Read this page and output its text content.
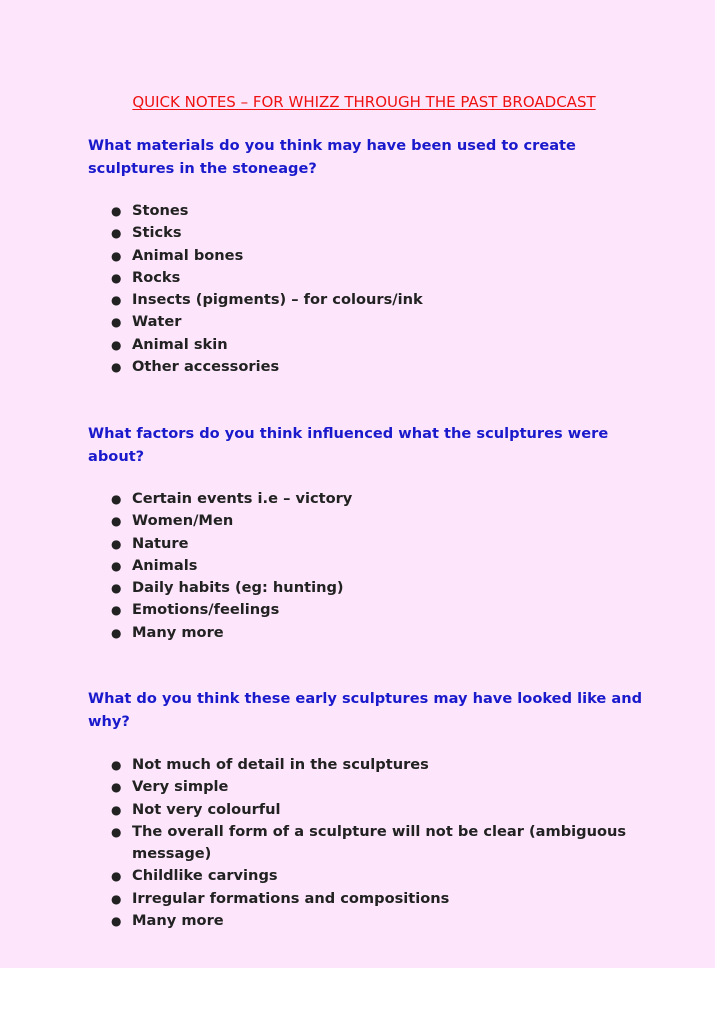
QUICK NOTES – FOR WHIZZ THROUGH THE PAST BROADCAST

What materials do you think may have been used to create sculptures in the stoneage?

● Stones
● Sticks
● Animal bones
● Rocks
● Insects (pigments) – for colours/ink
● Water
● Animal skin
● Other accessories

What factors do you think influenced what the sculptures were about?

● Certain events i.e – victory
● Women/Men
● Nature
● Animals
● Daily habits (eg: hunting)
● Emotions/feelings
● Many more

What do you think these early sculptures may have looked like and why?

● Not much of detail in the sculptures
● Very simple
● Not very colourful
● The overall form of a sculpture will not be clear (ambiguous message)
● Childlike carvings
● Irregular formations and compositions
● Many more
